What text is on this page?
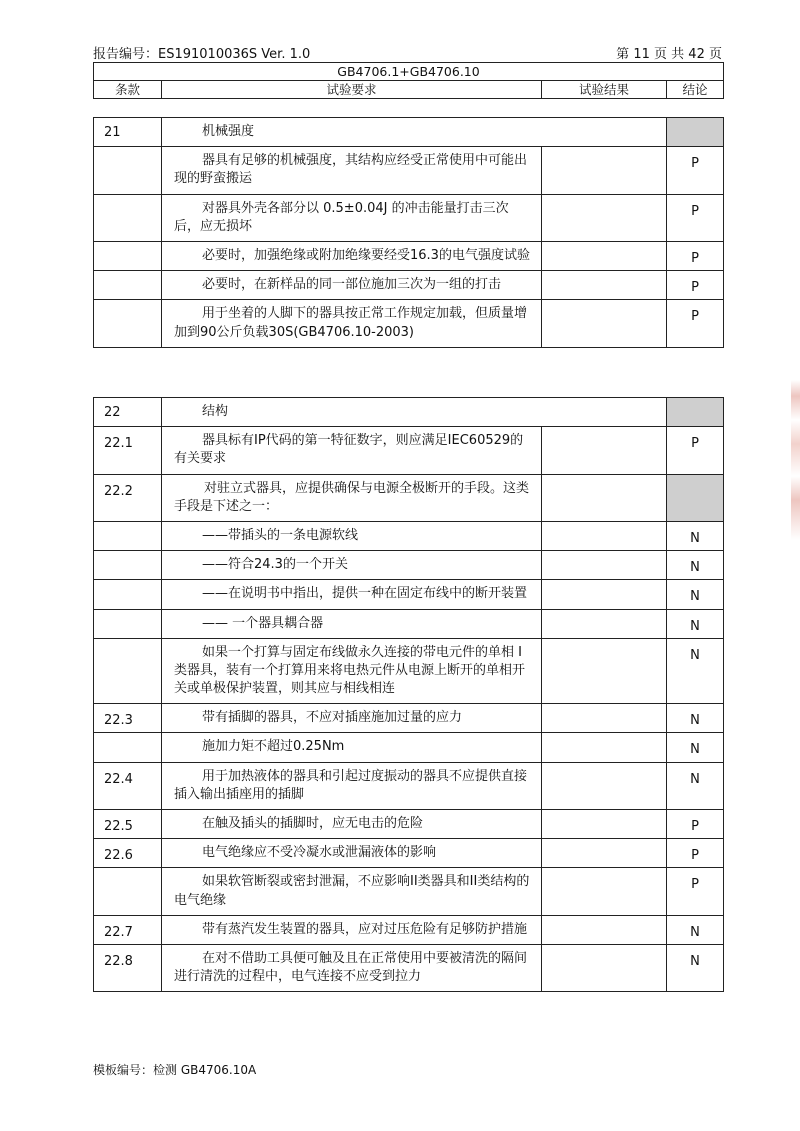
报告编号：ES191010036S Ver. 1.0	第 11 页 共 42 页
GB4706.1+GB4706.10
条款	试验要求	试验结果	结论
21	机械强度		

	器具有足够的机械强度，其结构应经受正常使用中可能出现的野蛮搬运		P

	对器具外壳各部分以 0.5±0.04J 的冲击能量打击三次后，应无损坏		P

	必要时，加强绝缘或附加绝缘要经受16.3的电气强度试验		P

	必要时，在新样品的同一部位施加三次为一组的打击		P

	用于坐着的人脚下的器具按正常工作规定加载，但质量增加到90公斤负载30S(GB4706.10-2003)		P
22	结构		

22.1	器具标有IP代码的第一特征数字，则应满足IEC60529的有关要求		P
22.2	对驻立式器具，应提供确保与电源全极断开的手段。这类手段是下述之一：		

	——带插头的一条电源软线		N

	——符合24.3的一个开关		N

	——在说明书中指出，提供一种在固定布线中的断开装置		N

	—— 一个器具耦合器		N

	如果一个打算与固定布线做永久连接的带电元件的单相 I 类器具，装有一个打算用来将电热元件从电源上断开的单相开关或单极保护装置，则其应与相线相连		N
22.3	带有插脚的器具，不应对插座施加过量的应力		N

	施加力矩不超过0.25Nm		N
22.4	用于加热液体的器具和引起过度振动的器具不应提供直接插入输出插座用的插脚		N
22.5	在触及插头的插脚时，应无电击的危险		P
22.6	电气绝缘应不受冷凝水或泄漏液体的影响		P

	如果软管断裂或密封泄漏，不应影响II类器具和II类结构的电气绝缘		P
22.7	带有蒸汽发生装置的器具，应对过压危险有足够防护措施		N
22.8	在对不借助工具便可触及且在正常使用中要被清洗的隔间进行清洗的过程中，电气连接不应受到拉力		N
模板编号：检测 GB4706.10A
